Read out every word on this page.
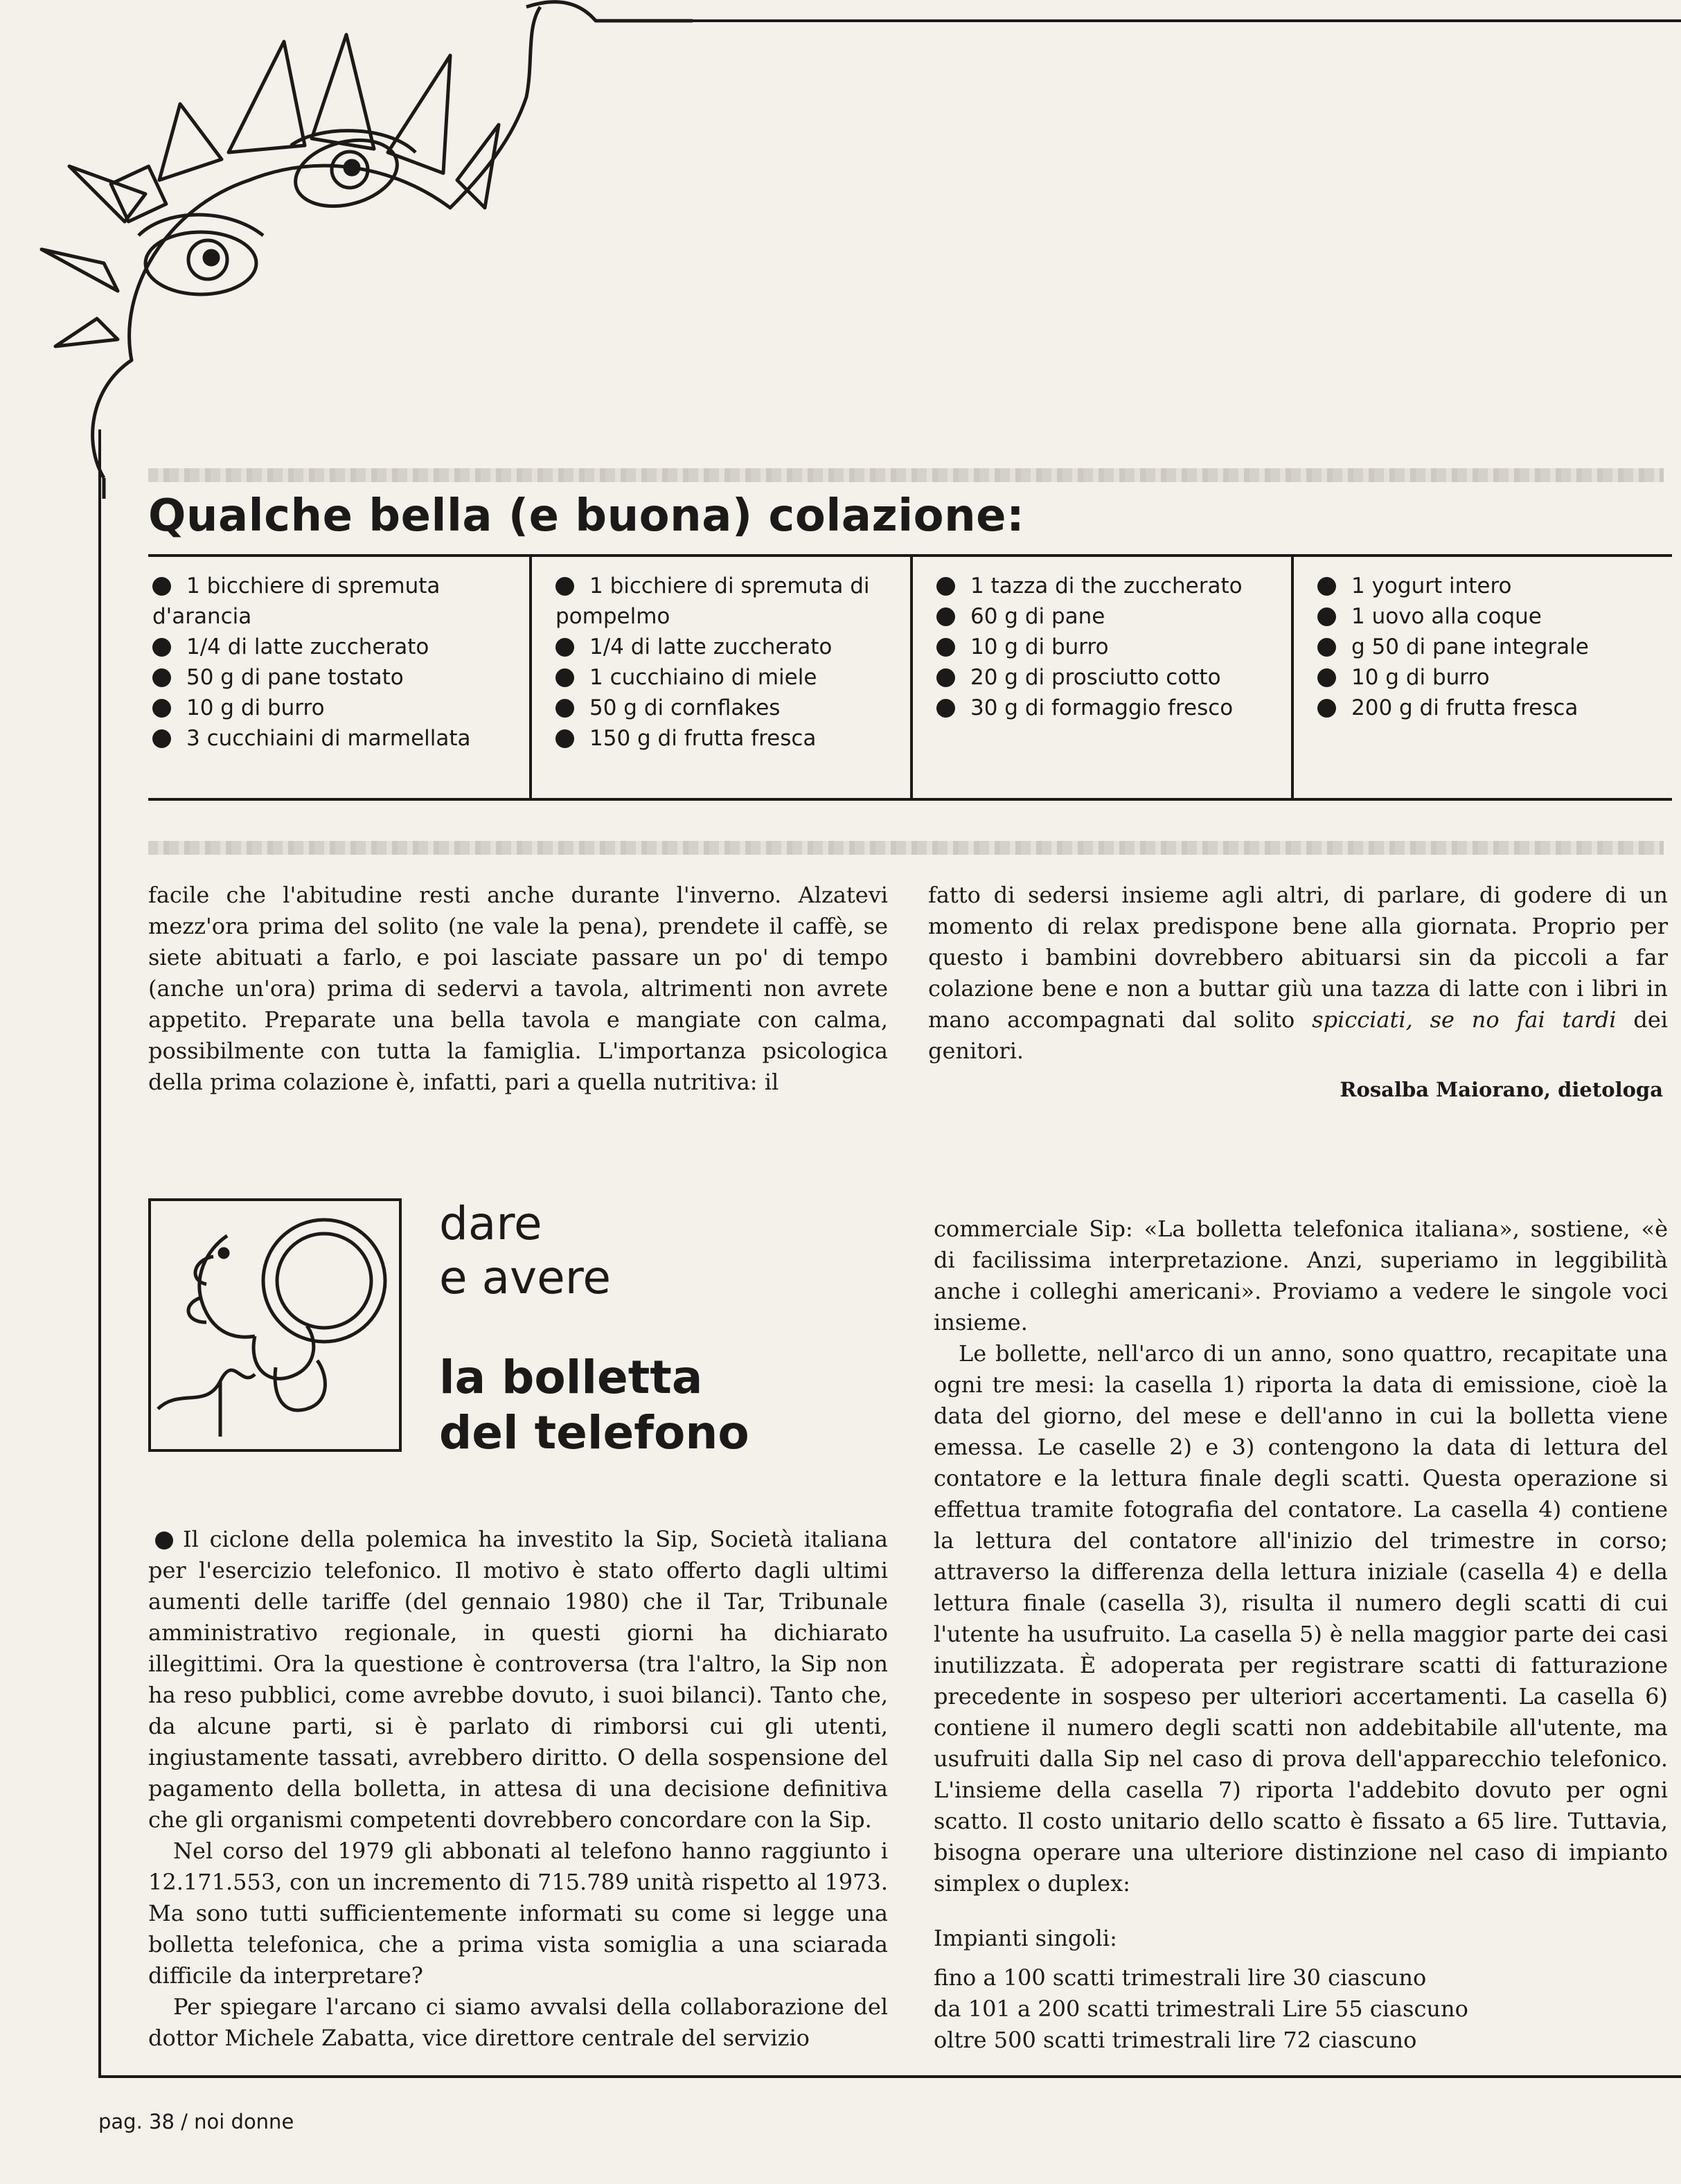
Qualche bella (e buona) colazione:
1 bicchiere di spremuta d'arancia
1/4 di latte zuccherato
50 g di pane tostato
10 g di burro
3 cucchiaini di marmellata
1 bicchiere di spremuta di pompelmo
1/4 di latte zuccherato
1 cucchiaino di miele
50 g di cornflakes
150 g di frutta fresca
1 tazza di the zuccherato
60 g di pane
10 g di burro
20 g di prosciutto cotto
30 g di formaggio fresco
1 yogurt intero
1 uovo alla coque
g 50 di pane integrale
10 g di burro
200 g di frutta fresca

facile che l'abitudine resti anche durante l'inverno. Alzatevi mezz'ora prima del solito (ne vale la pena), prendete il caffè, se siete abituati a farlo, e poi lasciate passare un po' di tempo (anche un'ora) prima di sedervi a tavola, altrimenti non avrete appetito. Preparate una bella tavola e mangiate con calma, possibilmente con tutta la famiglia. L'importanza psicologica della prima colazione è, infatti, pari a quella nutritiva: il

fatto di sedersi insieme agli altri, di parlare, di godere di un momento di relax predispone bene alla giornata. Proprio per questo i bambini dovrebbero abituarsi sin da piccoli a far colazione bene e non a buttar giù una tazza di latte con i libri in mano accompagnati dal solito spicciati, se no fai tardi dei genitori.

Rosalba Maiorano, dietologa
dare
e avere
la bolletta
del telefono

Il ciclone della polemica ha investito la Sip, Società italiana per l'esercizio telefonico. Il motivo è stato offerto dagli ultimi aumenti delle tariffe (del gennaio 1980) che il Tar, Tribunale amministrativo regionale, in questi giorni ha dichiarato illegittimi. Ora la questione è controversa (tra l'altro, la Sip non ha reso pubblici, come avrebbe dovuto, i suoi bilanci). Tanto che, da alcune parti, si è parlato di rimborsi cui gli utenti, ingiustamente tassati, avrebbero diritto. O della sospensione del pagamento della bolletta, in attesa di una decisione definitiva che gli organismi competenti dovrebbero concordare con la Sip.

Nel corso del 1979 gli abbonati al telefono hanno raggiunto i 12.171.553, con un incremento di 715.789 unità rispetto al 1973. Ma sono tutti sufficientemente informati su come si legge una bolletta telefonica, che a prima vista somiglia a una sciarada difficile da interpretare?

Per spiegare l'arcano ci siamo avvalsi della collaborazione del dottor Michele Zabatta, vice direttore centrale del servizio

commerciale Sip: «La bolletta telefonica italiana», sostiene, «è di facilissima interpretazione. Anzi, superiamo in leggibilità anche i colleghi americani». Proviamo a vedere le singole voci insieme.

Le bollette, nell'arco di un anno, sono quattro, recapitate una ogni tre mesi: la casella 1) riporta la data di emissione, cioè la data del giorno, del mese e dell'anno in cui la bolletta viene emessa. Le caselle 2) e 3) contengono la data di lettura del contatore e la lettura finale degli scatti. Questa operazione si effettua tramite fotografia del contatore. La casella 4) contiene la lettura del contatore all'inizio del trimestre in corso; attraverso la differenza della lettura iniziale (casella 4) e della lettura finale (casella 3), risulta il numero degli scatti di cui l'utente ha usufruito. La casella 5) è nella maggior parte dei casi inutilizzata. È adoperata per registrare scatti di fatturazione precedente in sospeso per ulteriori accertamenti. La casella 6) contiene il numero degli scatti non addebitabile all'utente, ma usufruiti dalla Sip nel caso di prova dell'apparecchio telefonico. L'insieme della casella 7) riporta l'addebito dovuto per ogni scatto. Il costo unitario dello scatto è fissato a 65 lire. Tuttavia, bisogna operare una ulteriore distinzione nel caso di impianto simplex o duplex:

Impianti singoli:

fino a 100 scatti trimestrali lire 30 ciascuno

da 101 a 200 scatti trimestrali Lire 55 ciascuno

oltre 500 scatti trimestrali lire 72 ciascuno

pag. 38 / noi donne
